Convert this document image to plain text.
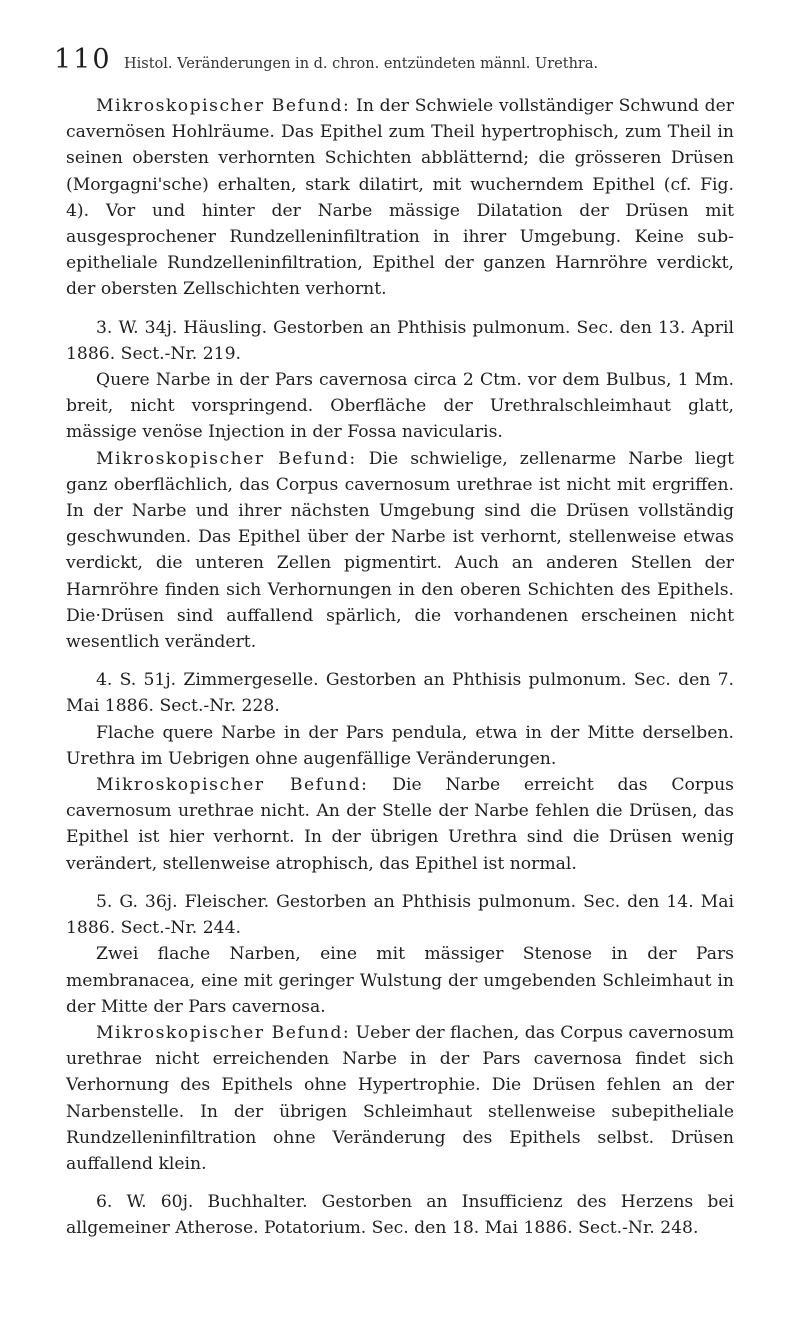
110 Histol. Veränderungen in d. chron. entzündeten männl. Urethra.

Mikroskopischer Befund: In der Schwiele vollständiger Schwund der cavernösen Hohlräume. Das Epithel zum Theil hypertrophisch, zum Theil in seinen obersten verhornten Schichten abblätternd; die grösseren Drüsen (Morgagni'sche) erhalten, stark dilatirt, mit wucherndem Epithel (cf. Fig. 4). Vor und hinter der Narbe mässige Dilatation der Drüsen mit ausgesprochener Rundzelleninfiltration in ihrer Umgebung. Keine sub-epitheliale Rundzelleninfiltration, Epithel der ganzen Harnröhre verdickt, der obersten Zellschichten verhornt.

3. W. 34j. Häusling. Gestorben an Phthisis pulmonum. Sec. den 13. April 1886. Sect.-Nr. 219.

Quere Narbe in der Pars cavernosa circa 2 Ctm. vor dem Bulbus, 1 Mm. breit, nicht vorspringend. Oberfläche der Urethralschleimhaut glatt, mässige venöse Injection in der Fossa navicularis.

Mikroskopischer Befund: Die schwielige, zellenarme Narbe liegt ganz oberflächlich, das Corpus cavernosum urethrae ist nicht mit ergriffen. In der Narbe und ihrer nächsten Umgebung sind die Drüsen vollständig geschwunden. Das Epithel über der Narbe ist verhornt, stellenweise etwas verdickt, die unteren Zellen pigmentirt. Auch an anderen Stellen der Harnröhre finden sich Verhornungen in den oberen Schichten des Epithels. Die·Drüsen sind auffallend spärlich, die vorhandenen erscheinen nicht wesentlich verändert.

4. S. 51j. Zimmergeselle. Gestorben an Phthisis pulmonum. Sec. den 7. Mai 1886. Sect.-Nr. 228.

Flache quere Narbe in der Pars pendula, etwa in der Mitte derselben. Urethra im Uebrigen ohne augenfällige Veränderungen.

Mikroskopischer Befund: Die Narbe erreicht das Corpus cavernosum urethrae nicht. An der Stelle der Narbe fehlen die Drüsen, das Epithel ist hier verhornt. In der übrigen Urethra sind die Drüsen wenig verändert, stellenweise atrophisch, das Epithel ist normal.

5. G. 36j. Fleischer. Gestorben an Phthisis pulmonum. Sec. den 14. Mai 1886. Sect.-Nr. 244.

Zwei flache Narben, eine mit mässiger Stenose in der Pars membranacea, eine mit geringer Wulstung der umgebenden Schleimhaut in der Mitte der Pars cavernosa.

Mikroskopischer Befund: Ueber der flachen, das Corpus cavernosum urethrae nicht erreichenden Narbe in der Pars cavernosa findet sich Verhornung des Epithels ohne Hypertrophie. Die Drüsen fehlen an der Narbenstelle. In der übrigen Schleimhaut stellenweise subepitheliale Rundzelleninfiltration ohne Veränderung des Epithels selbst. Drüsen auffallend klein.

6. W. 60j. Buchhalter. Gestorben an Insufficienz des Herzens bei allgemeiner Atherose. Potatorium. Sec. den 18. Mai 1886. Sect.-Nr. 248.
